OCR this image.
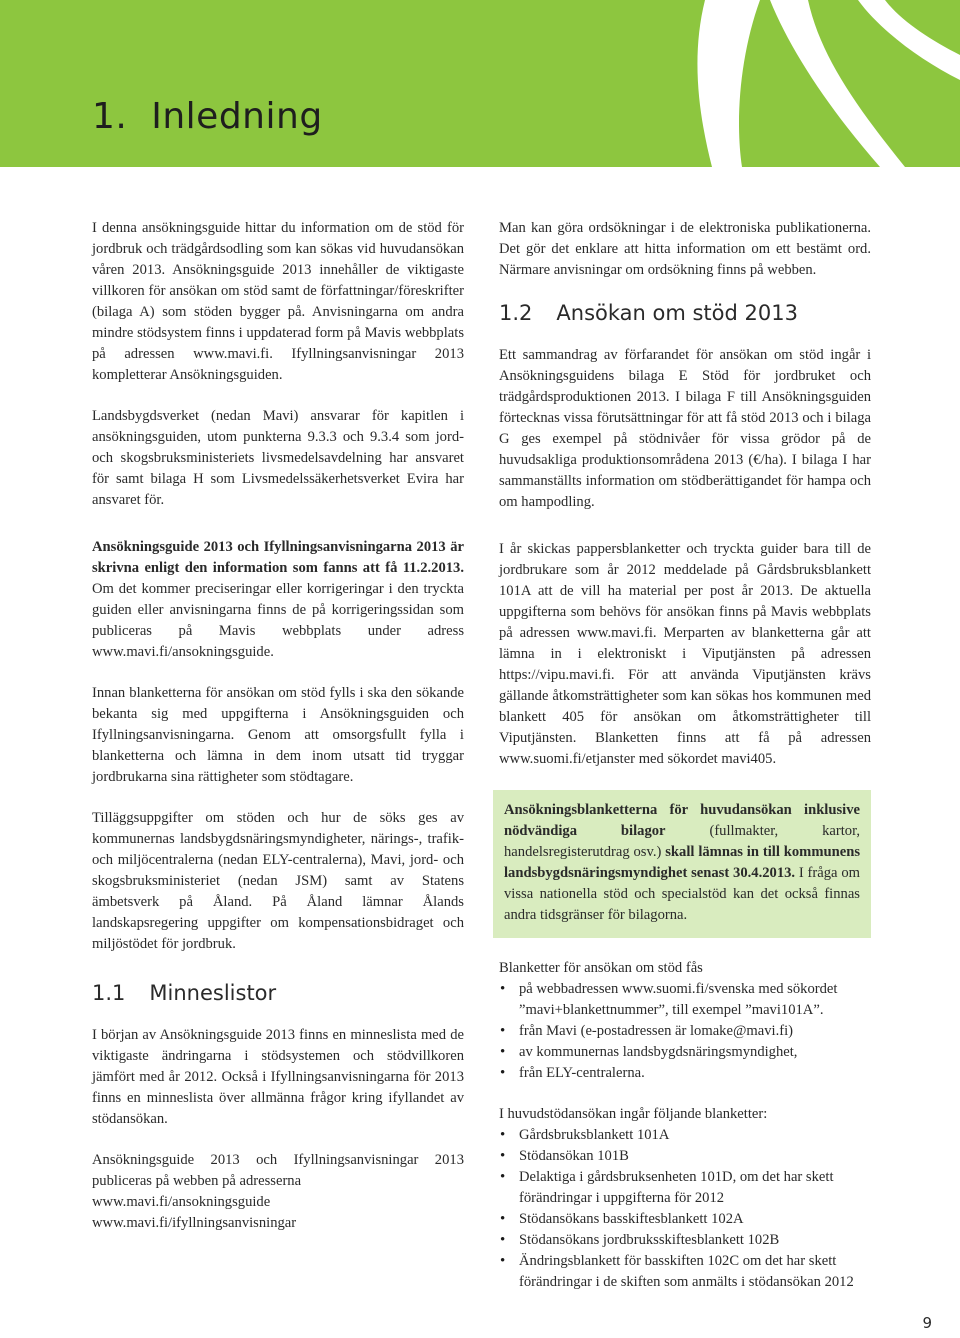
1. Inledning

I denna ansökningsguide hittar du information om de stöd för jordbruk och trädgårdsodling som kan sökas vid huvudansökan våren 2013. Ansökningsguide 2013 innehåller de viktigaste villkoren för ansökan om stöd samt de författningar/föreskrifter (bilaga A) som stöden bygger på. Anvisningarna om andra mindre stödsystem finns i uppdaterad form på Mavis webbplats på adressen www.mavi.fi. Ifyllningsanvisningar 2013 kompletterar Ansökningsguiden.

Landsbygdsverket (nedan Mavi) ansvarar för kapitlen i ansökningsguiden, utom punkterna 9.3.3 och 9.3.4 som jord- och skogsbruksministeriets livsmedelsavdelning har ansvaret för samt bilaga H som Livsmedelssäkerhetsverket Evira har ansvaret för.

Ansökningsguide 2013 och Ifyllningsanvisningarna 2013 är skrivna enligt den information som fanns att få 11.2.2013. Om det kommer preciseringar eller korrigeringar i den tryckta guiden eller anvisningarna finns de på korrigeringssidan som publiceras på Mavis webbplats under adress www.mavi.fi/ansokningsguide.

Innan blanketterna för ansökan om stöd fylls i ska den sökande bekanta sig med uppgifterna i Ansökningsguiden och Ifyllningsanvisningarna. Genom att omsorgsfullt fylla i blanketterna och lämna in dem inom utsatt tid tryggar jordbrukarna sina rättigheter som stödtagare.

Tilläggsuppgifter om stöden och hur de söks ges av kommunernas landsbygdsnäringsmyndigheter, närings-, trafik- och miljöcentralerna (nedan ELY-centralerna), Mavi, jord- och skogsbruksministeriet (nedan JSM) samt av Statens ämbetsverk på Åland. På Åland lämnar Ålands landskapsregering uppgifter om kompensationsbidraget och miljöstödet för jordbruk.

1.1 Minneslistor

I början av Ansökningsguide 2013 finns en minneslista med de viktigaste ändringarna i stödsystemen och stödvillkoren jämfört med år 2012. Också i Ifyllningsanvisningarna för 2013 finns en minneslista över allmänna frågor kring ifyllandet av stödansökan.

Ansökningsguide 2013 och Ifyllningsanvisningar 2013 publiceras på webben på adresserna

www.mavi.fi/ansokningsguide

www.mavi.fi/ifyllningsanvisningar

Man kan göra ordsökningar i de elektroniska publikationerna. Det gör det enklare att hitta information om ett bestämt ord. Närmare anvisningar om ordsökning finns på webben.

1.2 Ansökan om stöd 2013

Ett sammandrag av förfarandet för ansökan om stöd ingår i Ansökningsguidens bilaga E Stöd för jordbruket och trädgårdsproduktionen 2013. I bilaga F till Ansökningsguiden förtecknas vissa förutsättningar för att få stöd 2013 och i bilaga G ges exempel på stödnivåer för vissa grödor på de huvudsakliga produktionsområdena 2013 (€/ha). I bilaga I har sammanställts information om stödberättigandet för hampa och om hampodling.

I år skickas pappersblanketter och tryckta guider bara till de jordbrukare som år 2012 meddelade på Gårdsbruksblankett 101A att de vill ha material per post år 2013. De aktuella uppgifterna som behövs för ansökan finns på Mavis webbplats på adressen www.mavi.fi. Merparten av blanketterna går att lämna in i elektroniskt i Viputjänsten på adressen https://vipu.mavi.fi. För att använda Viputjänsten krävs gällande åtkomsträttigheter som kan sökas hos kommunen med blankett 405 för ansökan om åtkomsträttigheter till Viputjänsten. Blanketten finns att få på adressen www.suomi.fi/etjanster med sökordet mavi405.

Ansökningsblanketterna för huvudansökan inklusive nödvändiga bilagor (fullmakter, kartor, handelsregisterutdrag osv.) skall lämnas in till kommunens landsbygdsnäringsmyndighet senast 30.4.2013. I fråga om vissa nationella stöd och specialstöd kan det också finnas andra tidsgränser för bilagorna.

Blanketter för ansökan om stöd fås

• på webbadressen www.suomi.fi/svenska med sökordet ”mavi+blankettnummer”, till exempel ”mavi101A”.
• från Mavi (e-postadressen är lomake@mavi.fi)
• av kommunernas landsbygdsnäringsmyndighet,
• från ELY-centralerna.

I huvudstödansökan ingår följande blanketter:

• Gårdsbruksblankett 101A
• Stödansökan 101B
• Delaktiga i gårdsbruksenheten 101D, om det har skett förändringar i uppgifterna för 2012
• Stödansökans basskiftesblankett 102A
• Stödansökans jordbruksskiftesblankett 102B
• Ändringsblankett för basskiften 102C om det har skett förändringar i de skiften som anmälts i stödansökan 2012
9
